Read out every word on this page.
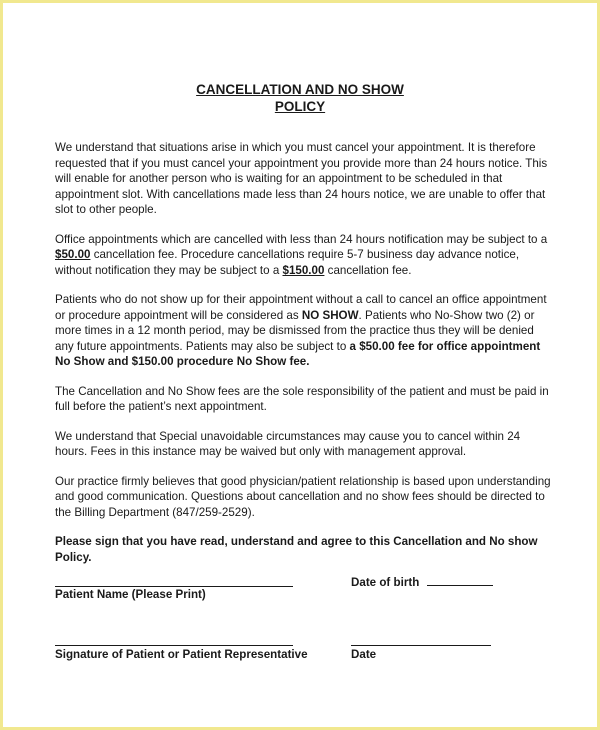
CANCELLATION AND NO SHOW
POLICY

We understand that situations arise in which you must cancel your appointment. It is therefore requested that if you must cancel your appointment you provide more than 24 hours notice. This will enable for another person who is waiting for an appointment to be scheduled in that appointment slot. With cancellations made less than 24 hours notice, we are unable to offer that slot to other people.

Office appointments which are cancelled with less than 24 hours notification may be subject to a $50.00 cancellation fee. Procedure cancellations require 5-7 business day advance notice, without notification they may be subject to a $150.00 cancellation fee.

Patients who do not show up for their appointment without a call to cancel an office appointment or procedure appointment will be considered as NO SHOW. Patients who No-Show two (2) or more times in a 12 month period, may be dismissed from the practice thus they will be denied any future appointments. Patients may also be subject to a $50.00 fee for office appointment No Show and $150.00 procedure No Show fee.

The Cancellation and No Show fees are the sole responsibility of the patient and must be paid in full before the patient’s next appointment.

We understand that Special unavoidable circumstances may cause you to cancel within 24 hours. Fees in this instance may be waived but only with management approval.

Our practice firmly believes that good physician/patient relationship is based upon understanding and good communication. Questions about cancellation and no show fees should be directed to the Billing Department (847/259-2529).

Please sign that you have read, understand and agree to this Cancellation and No show Policy.

Patient Name (Please Print)
Date of birth
Signature of Patient or Patient Representative	Date
